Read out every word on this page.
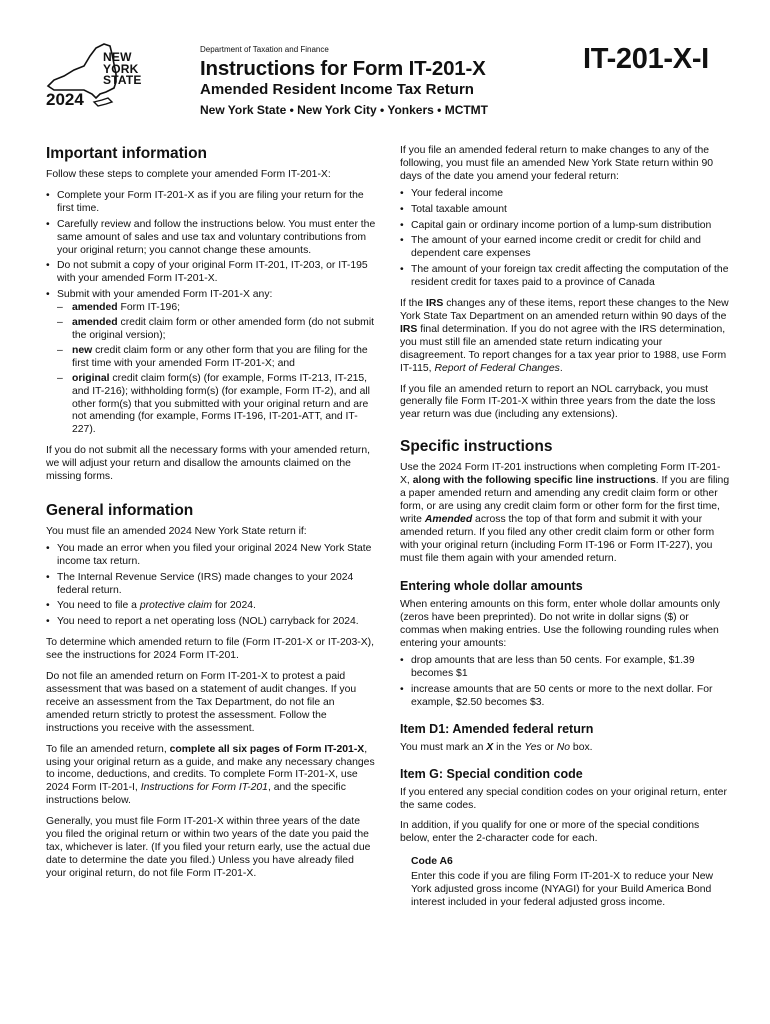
NEW
YORK
STATE
2024
Department of Taxation and Finance
Instructions for Form IT-201-X
Amended Resident Income Tax Return
New York State • New York City • Yonkers • MCTMT
IT-201-X-I
Important information

Follow these steps to complete your amended Form IT-201-X:

• Complete your Form IT-201-X as if you are filing your return for the first time.
• Carefully review and follow the instructions below. You must enter the same amount of sales and use tax and voluntary contributions from your original return; you cannot change these amounts.
• Do not submit a copy of your original Form IT-201, IT-203, or IT-195 with your amended Form IT-201-X.
• Submit with your amended Form IT-201-X any:
– amended Form IT-196;
– amended credit claim form or other amended form (do not submit the original version);
– new credit claim form or any other form that you are filing for the first time with your amended Form IT-201-X; and
– original credit claim form(s) (for example, Forms IT-213, IT-215, and IT-216); withholding form(s) (for example, Form IT-2), and all other form(s) that you submitted with your original return and are not amending (for example, Forms IT-196, IT-201-ATT, and IT-227).

If you do not submit all the necessary forms with your amended return, we will adjust your return and disallow the amounts claimed on the missing forms.

General information

You must file an amended 2024 New York State return if:

• You made an error when you filed your original 2024 New York State income tax return.
• The Internal Revenue Service (IRS) made changes to your 2024 federal return.
• You need to file a protective claim for 2024.
• You need to report a net operating loss (NOL) carryback for 2024.

To determine which amended return to file (Form IT-201-X or IT-203-X), see the instructions for 2024 Form IT-201.

Do not file an amended return on Form IT-201-X to protest a paid assessment that was based on a statement of audit changes. If you receive an assessment from the Tax Department, do not file an amended return strictly to protest the assessment. Follow the instructions you receive with the assessment.

To file an amended return, complete all six pages of Form IT-201-X, using your original return as a guide, and make any necessary changes to income, deductions, and credits. To complete Form IT-201-X, use 2024 Form IT-201-I, Instructions for Form IT-201, and the specific instructions below.

Generally, you must file Form IT-201-X within three years of the date you filed the original return or within two years of the date you paid the tax, whichever is later. (If you filed your return early, use the actual due date to determine the date you filed.) Unless you have already filed your original return, do not file Form IT-201-X.

If you file an amended federal return to make changes to any of the following, you must file an amended New York State return within 90 days of the date you amend your federal return:

• Your federal income
• Total taxable amount
• Capital gain or ordinary income portion of a lump-sum distribution
• The amount of your earned income credit or credit for child and dependent care expenses
• The amount of your foreign tax credit affecting the computation of the resident credit for taxes paid to a province of Canada

If the IRS changes any of these items, report these changes to the New York State Tax Department on an amended return within 90 days of the IRS final determination. If you do not agree with the IRS determination, you must still file an amended state return indicating your disagreement. To report changes for a tax year prior to 1988, use Form IT-115, Report of Federal Changes.

If you file an amended return to report an NOL carryback, you must generally file Form IT-201-X within three years from the date the loss year return was due (including any extensions).

Specific instructions

Use the 2024 Form IT-201 instructions when completing Form IT-201-X, along with the following specific line instructions. If you are filing a paper amended return and amending any credit claim form or other form, or are using any credit claim form or other form for the first time, write Amended across the top of that form and submit it with your amended return. If you filed any other credit claim form or other form with your original return (including Form IT-196 or Form IT-227), you must file them again with your amended return.

Entering whole dollar amounts

When entering amounts on this form, enter whole dollar amounts only (zeros have been preprinted). Do not write in dollar signs ($) or commas when making entries. Use the following rounding rules when entering your amounts:

• drop amounts that are less than 50 cents. For example, $1.39 becomes $1
• increase amounts that are 50 cents or more to the next dollar. For example, $2.50 becomes $3.
Item D1: Amended federal return

You must mark an X in the Yes or No box.

Item G: Special condition code

If you entered any special condition codes on your original return, enter the same codes.

In addition, if you qualify for one or more of the special conditions below, enter the 2-character code for each.

Code A6
Enter this code if you are filing Form IT-201-X to reduce your New York adjusted gross income (NYAGI) for your Build America Bond interest included in your federal adjusted gross income.
